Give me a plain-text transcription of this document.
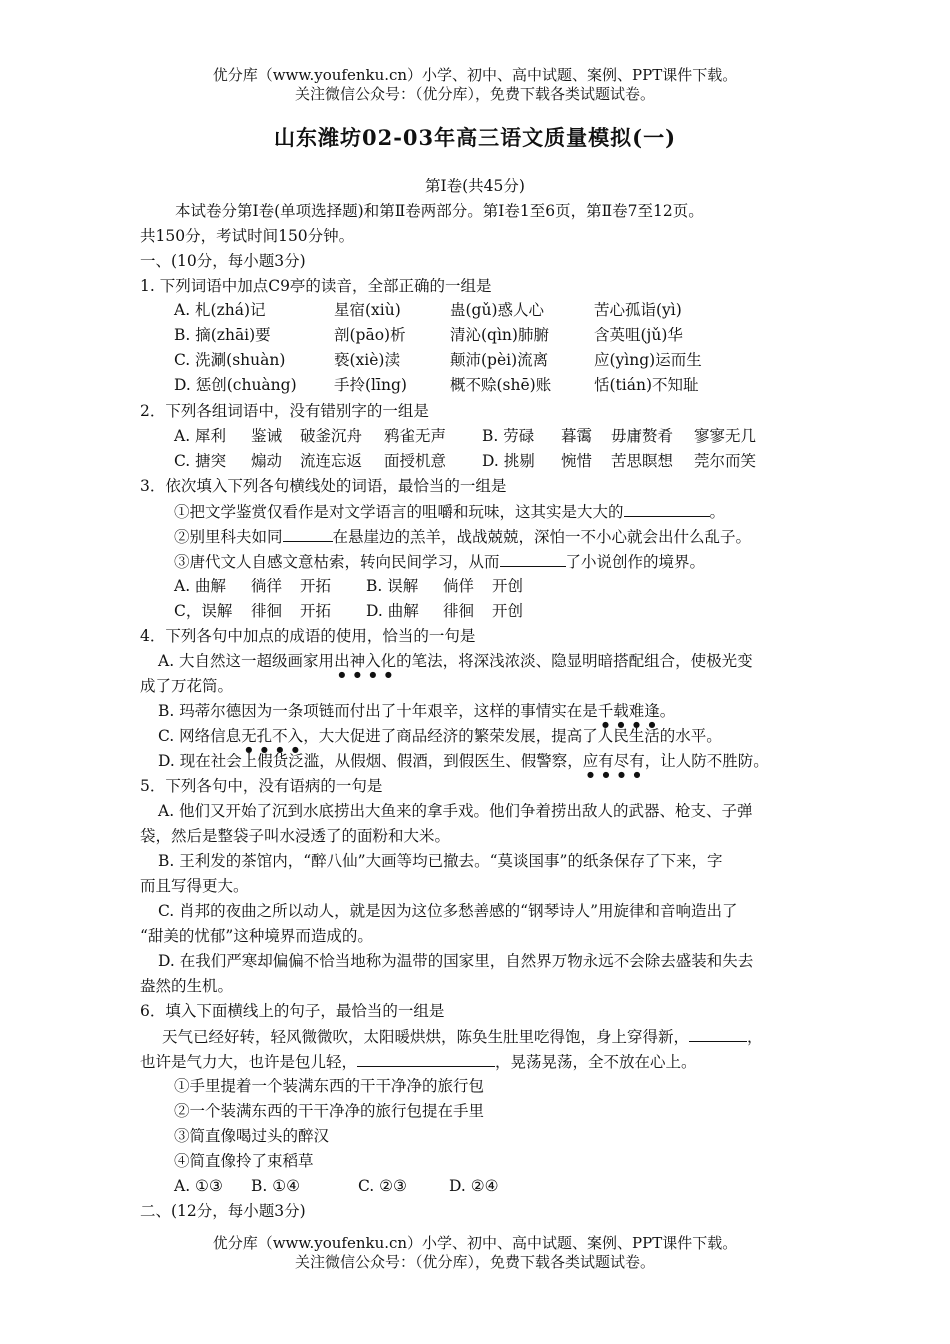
优分库（www.youfenku.cn）小学、初中、高中试题、案例、PPT课件下载。
关注微信公众号：（优分库），免费下载各类试题试卷。
山东潍坊02-03年高三语文质量模拟(一)
第Ⅰ卷(共45分)
本试卷分第Ⅰ卷(单项选择题)和第Ⅱ卷两部分。第Ⅰ卷1至6页，第Ⅱ卷7至12页。
共150分，考试时间150分钟。
一、(10分，每小题3分)
1. 下列词语中加点C9亭的读音，全部正确的一组是
A. 札(zhá)记	星宿(xiù)	蛊(gǔ)惑人心	苦心孤诣(yì)
B. 摘(zhāi)要	剖(pāo)析	清沁(qìn)肺腑	含英咀(jǔ)华
C. 洗涮(shuàn)	亵(xiè)渎	颠沛(pèi)流离	应(yìng)运而生
D. 惩创(chuàng) 手拎(līng)	概不赊(shē)账	恬(tián)不知耻
2．下列各组词语中，没有错别字的一组是
A. 犀利 鉴诫 破釜沉舟 鸦雀无声 B. 劳碌 暮霭 毋庸赘肴 寥寥无几
C. 搪突 煽动 流连忘返 面授机意 D. 挑剔 惋惜 苦思瞑想 莞尔而笑
3．依次填入下列各句横线处的词语，最恰当的一组是
①把文学鉴赏仅看作是对文学语言的咀嚼和玩味，这其实是大大的	。
②别里科夫如同	在悬崖边的羔羊，战战兢兢，深怕一不小心就会出什么乱子。
③唐代文人自感文意枯索，转向民间学习，从而	了小说创作的境界。
A. 曲解 徜徉 开拓 B. 误解 倘佯 开创
C，误解 徘徊 开拓 D. 曲解 徘徊 开创
4．下列各句中加点的成语的使用，恰当的一句是
A. 大自然这一超级画家用出神入化的笔法，将深浅浓淡、隐显明暗搭配组合，使极光变
成了万花筒。
B. 玛蒂尔德因为一条项链而付出了十年艰辛，这样的事情实在是千载难逢。
C. 网络信息无孔不入，大大促进了商品经济的繁荣发展，提高了人民生活的水平。
D. 现在社会上假货泛滥，从假烟、假酒，到假医生、假警察，应有尽有，让人防不胜防。
5．下列各句中，没有语病的一句是
A. 他们又开始了沉到水底捞出大鱼来的拿手戏。他们争着捞出敌人的武器、枪支、子弹
袋，然后是整袋子叫水浸透了的面粉和大米。
B. 王利发的茶馆内，“醉八仙”大画等均已撤去。“莫谈国事”的纸条保存了下来，字
而且写得更大。
C. 肖邦的夜曲之所以动人，就是因为这位多愁善感的“钢琴诗人”用旋律和音响造出了
“甜美的忧郁”这种境界而造成的。
D. 在我们严寒却偏偏不恰当地称为温带的国家里，自然界万物永远不会除去盛装和失去
盎然的生机。
6．填入下面横线上的句子，最恰当的一组是
天气已经好转，轻风微微吹，太阳暖烘烘，陈奂生肚里吃得饱，身上穿得新，	，
也许是气力大，也许是包儿轻，	，晃荡晃荡，全不放在心上。
①手里提着一个装满东西的干干净净的旅行包
②一个装满东西的干干净净的旅行包提在手里
③简直像喝过头的醉汉
④简直像拎了束稻草
A. ①③ B. ①④	C. ②③	D. ②④
二、(12分，每小题3分)
优分库（www.youfenku.cn）小学、初中、高中试题、案例、PPT课件下载。
关注微信公众号：（优分库），免费下载各类试题试卷。
